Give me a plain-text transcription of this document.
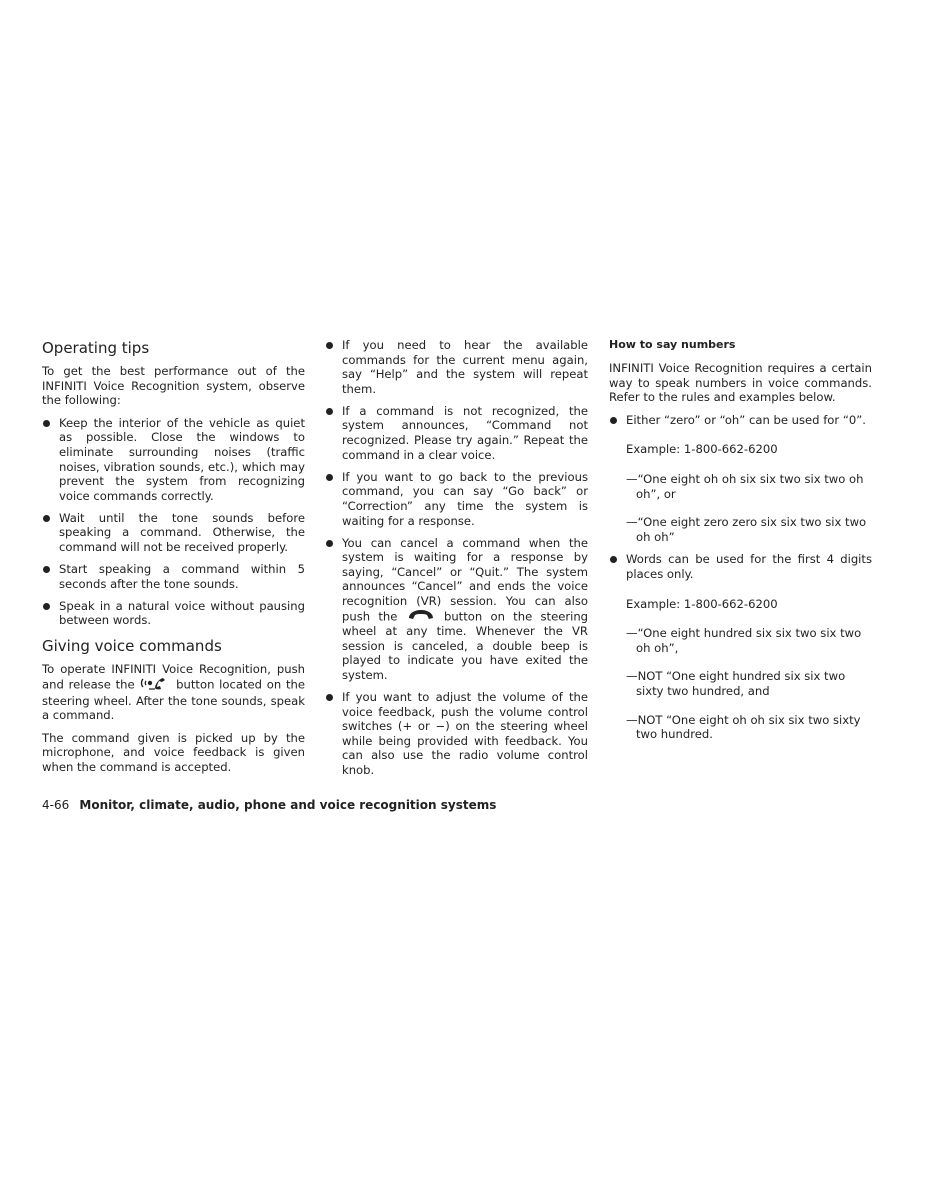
Operating tips

To get the best performance out of the INFINITI Voice Recognition system, observe the following:

Keep the interior of the vehicle as quiet as possible. Close the windows to eliminate surrounding noises (traffic noises, vibration sounds, etc.), which may prevent the system from recognizing voice commands correctly.
Wait until the tone sounds before speaking a command. Otherwise, the command will not be received properly.
Start speaking a command within 5 seconds after the tone sounds.
Speak in a natural voice without pausing between words.
Giving voice commands

To operate INFINITI Voice Recognition, push and release the	button located on the steering wheel. After the tone sounds, speak a command.

The command given is picked up by the microphone, and voice feedback is given when the command is accepted.

If you need to hear the available commands for the current menu again, say “Help” and the system will repeat them.
If a command is not recognized, the system announces, “Command not recognized. Please try again.” Repeat the command in a clear voice.
If you want to go back to the previous command, you can say “Go back” or “Correction” any time the system is waiting for a response.
You can cancel a command when the system is waiting for a response by saying, “Cancel” or “Quit.” The system announces “Cancel” and ends the voice recognition (VR) session. You can also push the	button on the steering wheel at any time. Whenever the VR session is canceled, a double beep is played to indicate you have exited the system.
If you want to adjust the volume of the voice feedback, push the volume control switches (+ or −) on the steering wheel while being provided with feedback. You can also use the radio volume control knob.
How to say numbers

INFINITI Voice Recognition requires a certain way to speak numbers in voice commands. Refer to the rules and examples below.

Either “zero” or “oh” can be used for “0”.
Example: 1-800-662-6200
—“One eight oh oh six six two six two oh oh”, or
—“One eight zero zero six six two six two oh oh”
Words can be used for the first 4 digits places only.
Example: 1-800-662-6200
—“One eight hundred six six two six two oh oh”,
—NOT “One eight hundred six six two sixty two hundred, and
—NOT “One eight oh oh six six two sixty two hundred.
4-66 Monitor, climate, audio, phone and voice recognition systems
